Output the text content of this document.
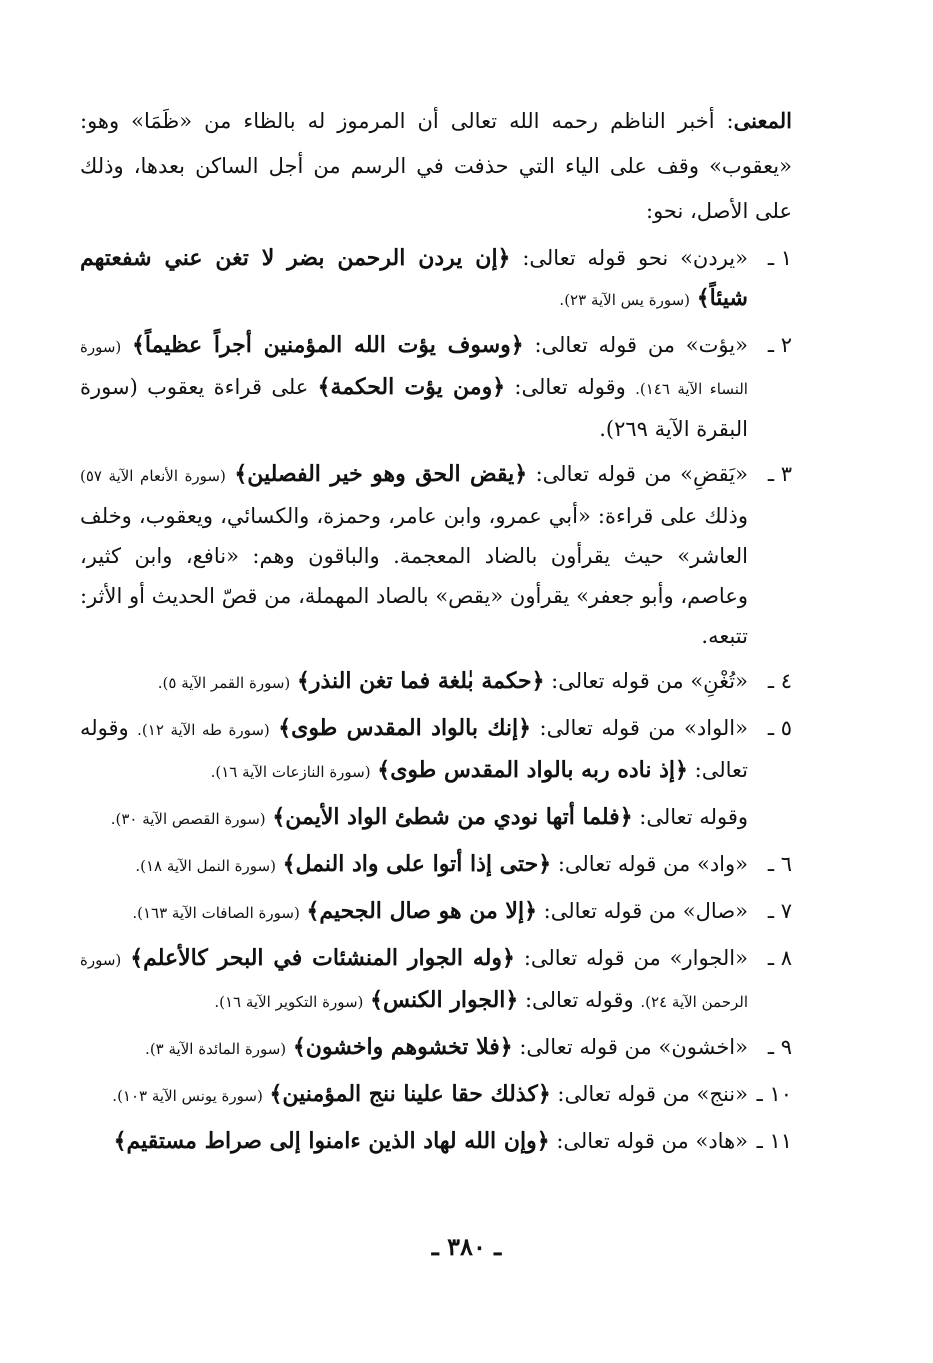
المعنى: أخبر الناظم رحمه الله تعالى أن المرموز له بالظاء من «ظَمَا» وهو: «يعقوب» وقف على الياء التي حذفت في الرسم من أجل الساكن بعدها، وذلك على الأصل، نحو:

١ ـ
«يردن» نحو قوله تعالى: ﴿إن يردن الرحمن بضر لا تغن عني شفعتهم شيئاً﴾ (سورة يس الآية ٢٣).

٢ ـ
«يؤت» من قوله تعالى: ﴿وسوف يؤت الله المؤمنين أجراً عظيماً﴾ (سورة النساء الآية ١٤٦). وقوله تعالى: ﴿ومن يؤت الحكمة﴾ على قراءة يعقوب (سورة البقرة الآية ٢٦٩).

٣ ـ
«يَقضِ» من قوله تعالى: ﴿يقض الحق وهو خير الفصلين﴾ (سورة الأنعام الآية ٥٧) وذلك على قراءة: «أبي عمرو، وابن عامر، وحمزة، والكسائي، ويعقوب، وخلف العاشر» حيث يقرأون بالضاد المعجمة. والباقون وهم: «نافع، وابن كثير، وعاصم، وأبو جعفر» يقرأون «يقص» بالصاد المهملة، من قصّ الحديث أو الأثر: تتبعه.

٤ ـ
«تُغْنِ» من قوله تعالى: ﴿حكمة بٰلغة فما تغن النذر﴾ (سورة القمر الآية ٥).

٥ ـ
«الواد» من قوله تعالى: ﴿إنك بالواد المقدس طوى﴾ (سورة طه الآية ١٢). وقوله تعالى: ﴿إذ ناده ربه بالواد المقدس طوى﴾ (سورة النازعات الآية ١٦).

وقوله تعالى: ﴿فلما أتها نودي من شطئ الواد الأيمن﴾ (سورة القصص الآية ٣٠).

٦ ـ
«واد» من قوله تعالى: ﴿حتى إذا أتوا على واد النمل﴾ (سورة النمل الآية ١٨).

٧ ـ
«صال» من قوله تعالى: ﴿إلا من هو صال الجحيم﴾ (سورة الصافات الآية ١٦٣).

٨ ـ
«الجوار» من قوله تعالى: ﴿وله الجوار المنشئات في البحر كالأعلم﴾ (سورة الرحمن الآية ٢٤). وقوله تعالى: ﴿الجوار الكنس﴾ (سورة التكوير الآية ١٦).

٩ ـ
«اخشون» من قوله تعالى: ﴿فلا تخشوهم واخشون﴾ (سورة المائدة الآية ٣).

١٠ ـ
«ننج» من قوله تعالى: ﴿كذلك حقا علينا ننج المؤمنين﴾ (سورة يونس الآية ١٠٣).

١١ ـ
«هاد» من قوله تعالى: ﴿وإن الله لهاد الذين ءامنوا إلى صراط مستقيم﴾

ـ ٣٨٠ ـ
